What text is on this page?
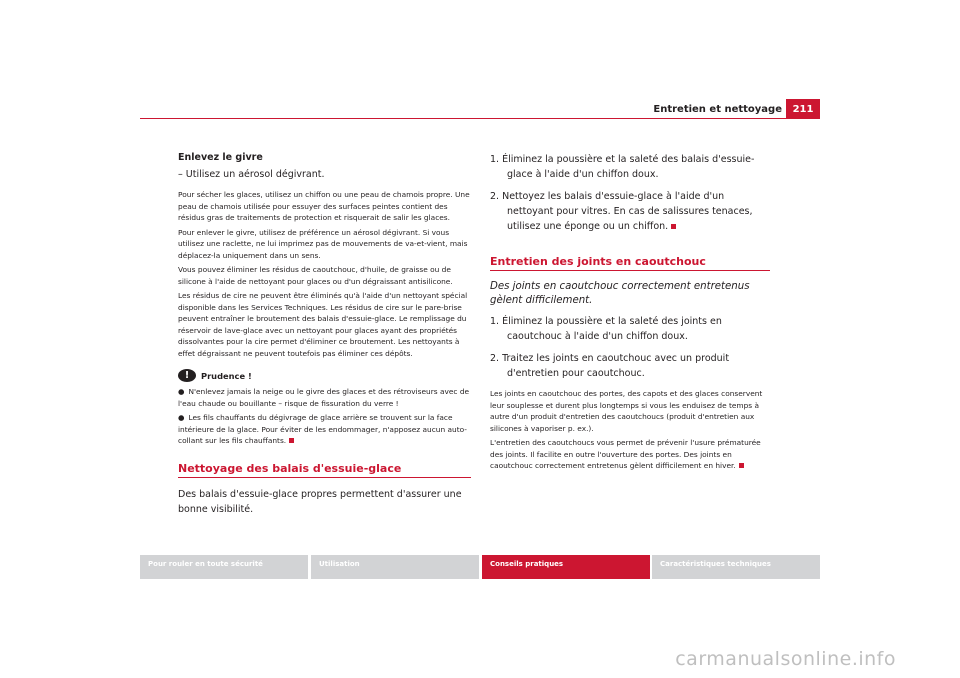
Entretien et nettoyage	211

Enlevez le givre

– Utilisez un aérosol dégivrant.

Pour sécher les glaces, utilisez un chiffon ou une peau de chamois propre. Une peau de chamois utilisée pour essuyer des surfaces peintes contient des résidus gras de traitements de protection et risquerait de salir les glaces.

Pour enlever le givre, utilisez de préférence un aérosol dégivrant. Si vous utilisez une raclette, ne lui imprimez pas de mouvements de va-et-vient, mais déplacez-la uniquement dans un sens.

Vous pouvez éliminer les résidus de caoutchouc, d'huile, de graisse ou de silicone à l'aide de nettoyant pour glaces ou d'un dégraissant antisilicone.

Les résidus de cire ne peuvent être éliminés qu'à l'aide d'un nettoyant spécial disponible dans les Services Techniques. Les résidus de cire sur le pare-brise peuvent entraîner le broutement des balais d'essuie-glace. Le remplissage du réservoir de lave-glace avec un nettoyant pour glaces ayant des propriétés dissolvantes pour la cire permet d'éliminer ce broutement. Les nettoyants à effet dégraissant ne peuvent toutefois pas éliminer ces dépôts.

!	Prudence !

● N'enlevez jamais la neige ou le givre des glaces et des rétroviseurs avec de l'eau chaude ou bouillante – risque de fissuration du verre !

● Les fils chauffants du dégivrage de glace arrière se trouvent sur la face intérieure de la glace. Pour éviter de les endommager, n'apposez aucun auto-collant sur les fils chauffants.

Nettoyage des balais d'essuie-glace

Des balais d'essuie-glace propres permettent d'assurer une bonne visibilité.

1. Éliminez la poussière et la saleté des balais d'essuie-glace à l'aide d'un chiffon doux.

2. Nettoyez les balais d'essuie-glace à l'aide d'un nettoyant pour vitres. En cas de salissures tenaces, utilisez une éponge ou un chiffon.

Entretien des joints en caoutchouc

Des joints en caoutchouc correctement entretenus gèlent difficilement.

1. Éliminez la poussière et la saleté des joints en caoutchouc à l'aide d'un chiffon doux.

2. Traitez les joints en caoutchouc avec un produit d'entretien pour caoutchouc.

Les joints en caoutchouc des portes, des capots et des glaces conservent leur souplesse et durent plus longtemps si vous les enduisez de temps à autre d'un produit d'entretien des caoutchoucs (produit d'entretien aux silicones à vaporiser p. ex.).

L'entretien des caoutchoucs vous permet de prévenir l'usure prématurée des joints. Il facilite en outre l'ouverture des portes. Des joints en caoutchouc correctement entretenus gèlent difficilement en hiver.

Pour rouler en toute sécurité	Utilisation	Conseils pratiques	Caractéristiques techniques
carmanualsonline.info
